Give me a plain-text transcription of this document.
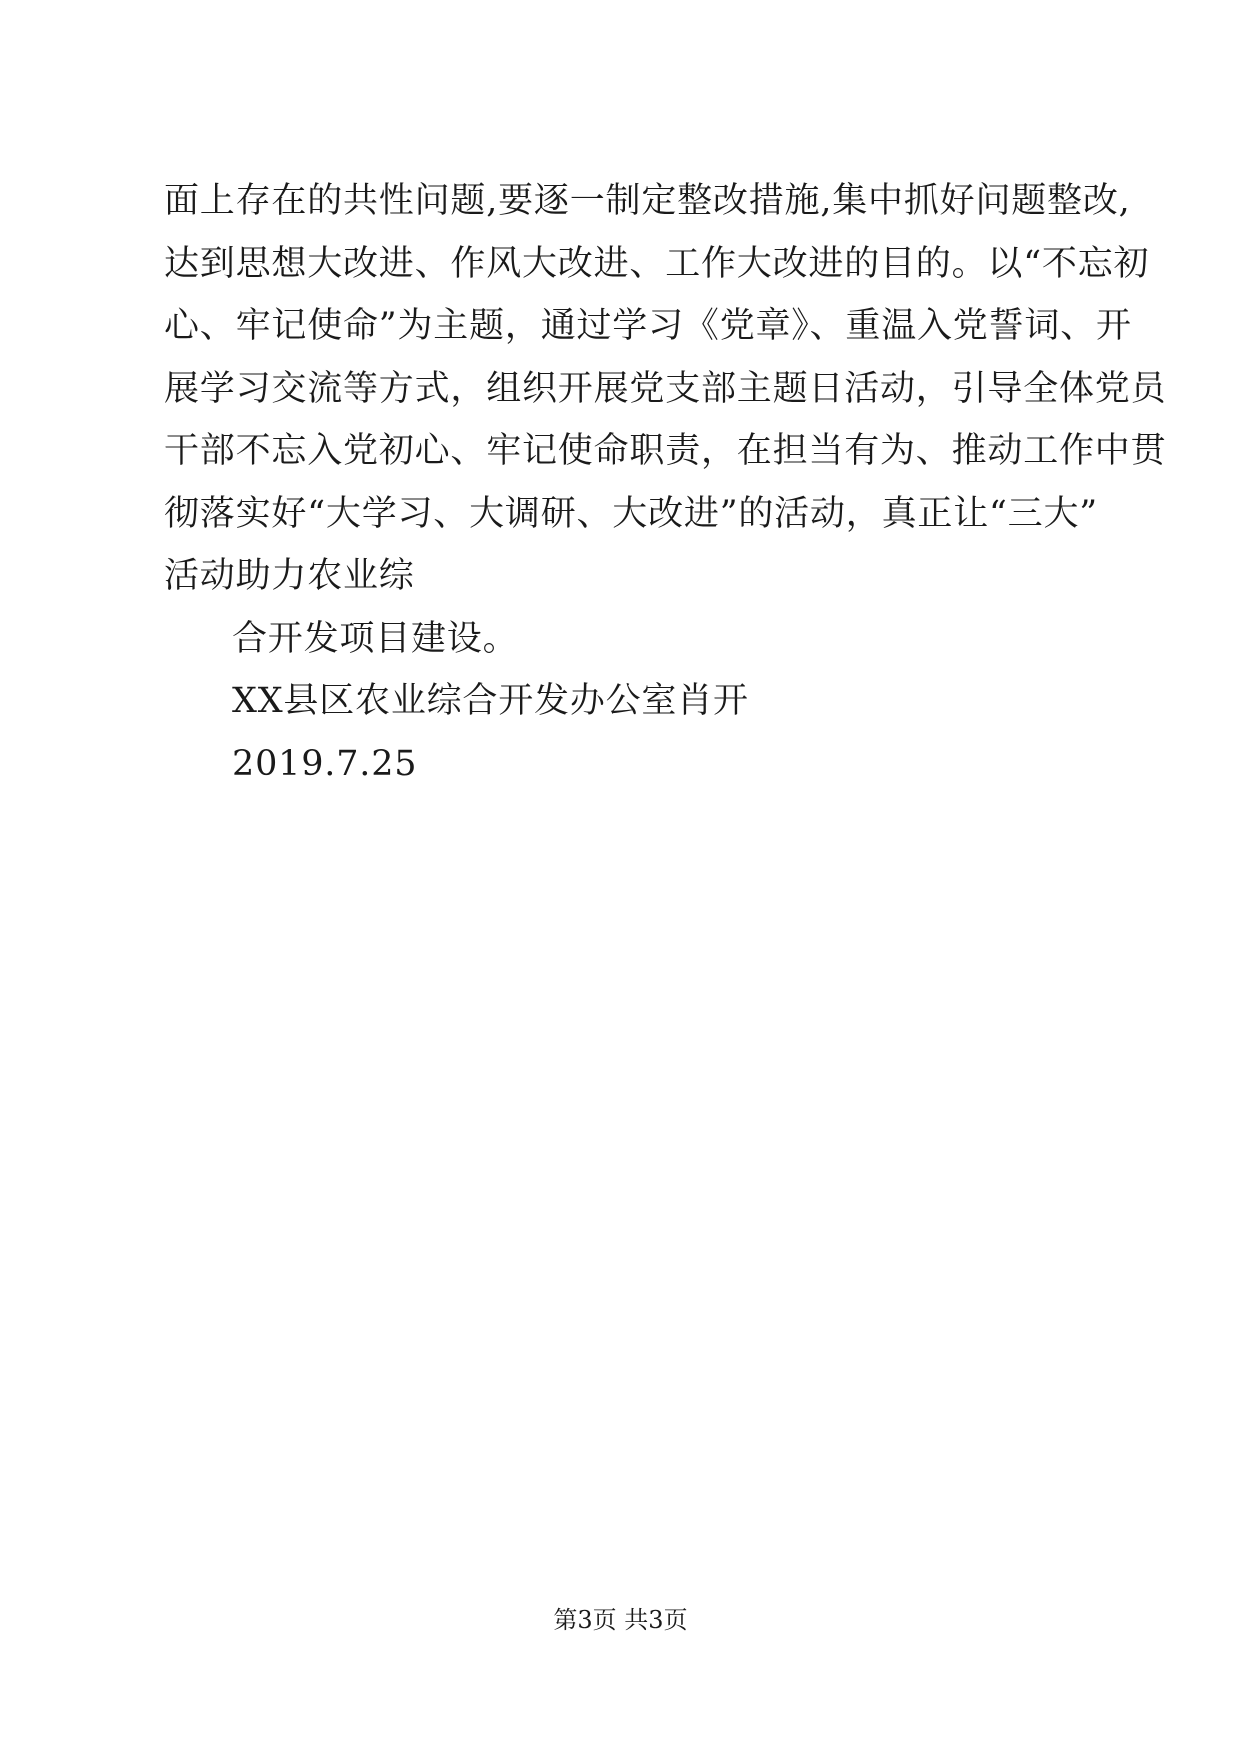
面上存在的共性问题,要逐一制定整改措施,集中抓好问题整改,
达到思想大改进、作风大改进、工作大改进的目的。以“不忘初
心、牢记使命”为主题，通过学习《党章》、重温入党誓词、开
展学习交流等方式，组织开展党支部主题日活动，引导全体党员
干部不忘入党初心、牢记使命职责，在担当有为、推动工作中贯
彻落实好“大学习、大调研、大改进”的活动，真正让“三大”
活动助力农业综
合开发项目建设。
XX县区农业综合开发办公室肖开
2019.7.25
第3页 共3页
